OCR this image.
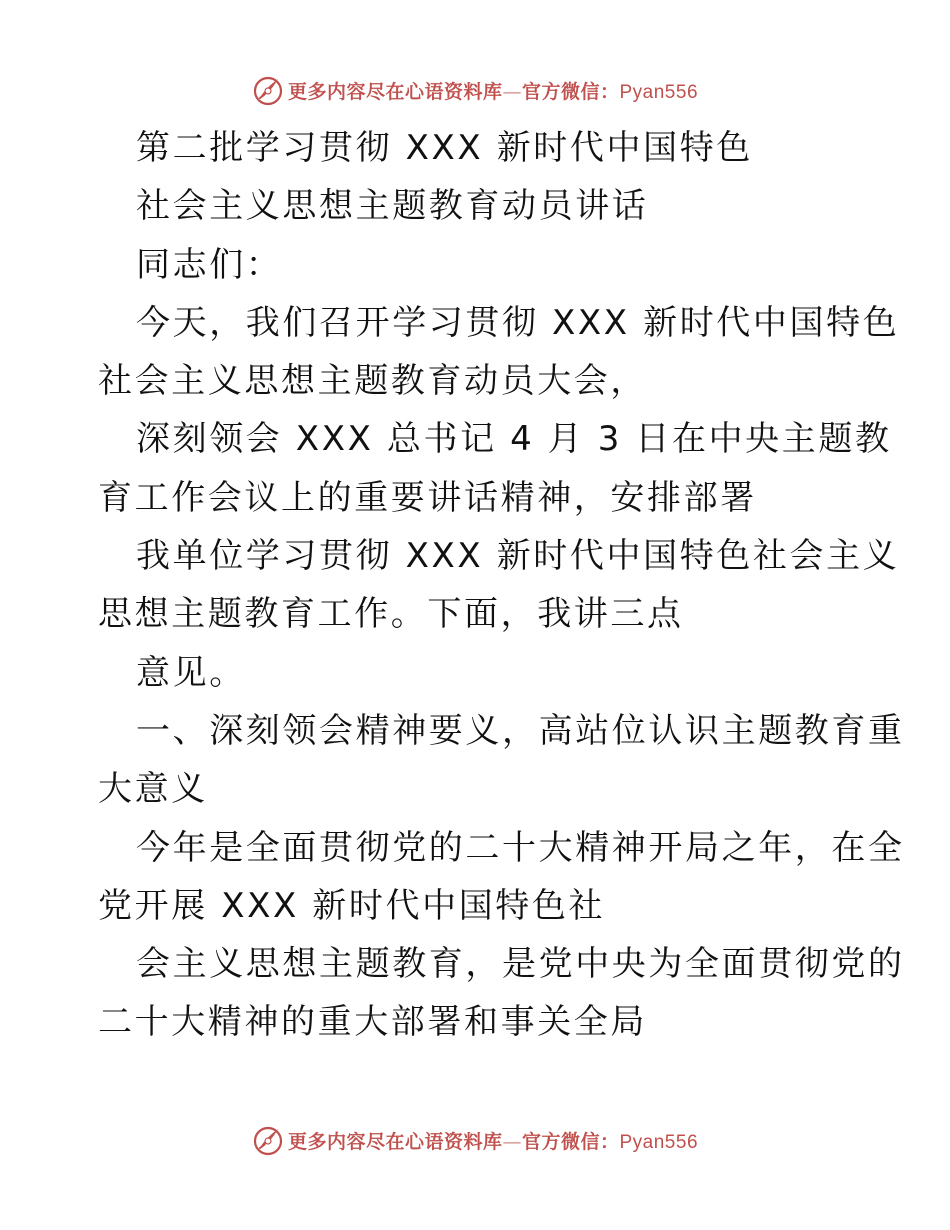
更多内容尽在心语资料库—官方微信：Pyan556
第二批学习贯彻 XXX 新时代中国特色
社会主义思想主题教育动员讲话
同志们：
今天，我们召开学习贯彻 XXX 新时代中国特色
社会主义思想主题教育动员大会，
深刻领会 XXX 总书记 4 月 3 日在中央主题教
育工作会议上的重要讲话精神，安排部署
我单位学习贯彻 XXX 新时代中国特色社会主义
思想主题教育工作。下面，我讲三点
意见。
一、深刻领会精神要义，高站位认识主题教育重
大意义
今年是全面贯彻党的二十大精神开局之年，在全
党开展 XXX 新时代中国特色社
会主义思想主题教育，是党中央为全面贯彻党的
二十大精神的重大部署和事关全局
更多内容尽在心语资料库—官方微信：Pyan556
